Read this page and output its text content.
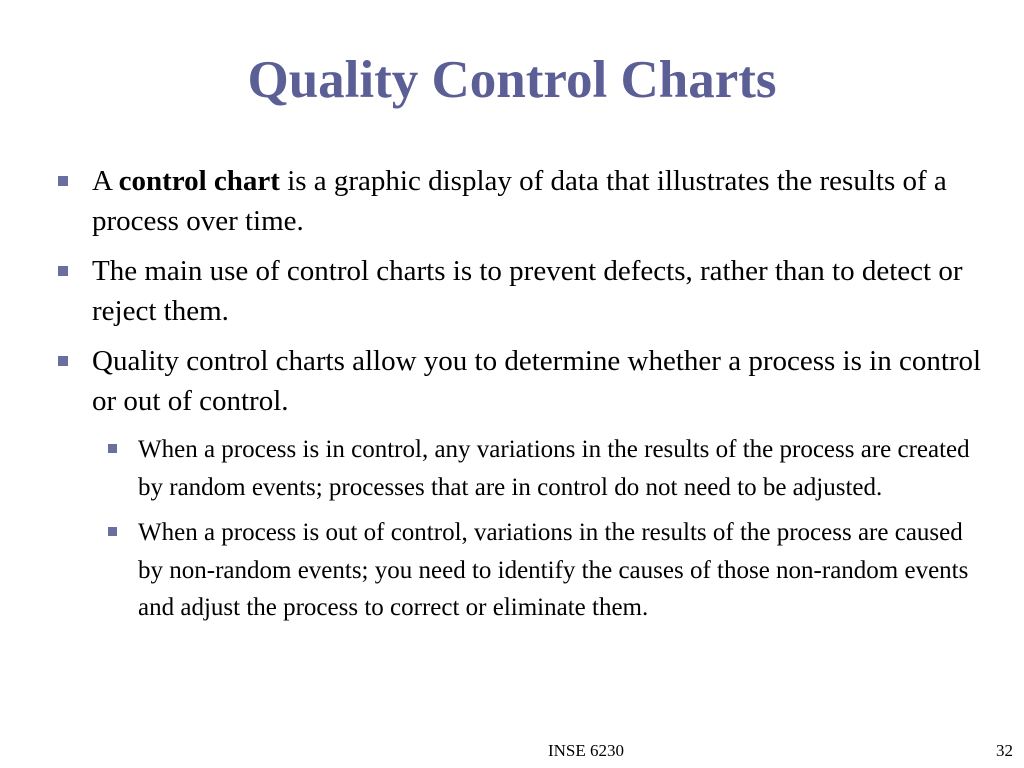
Quality Control Charts
A control chart is a graphic display of data that illustrates the results of a process over time.
The main use of control charts is to prevent defects, rather than to detect or reject them.
Quality control charts allow you to determine whether a process is in control or out of control.
When a process is in control, any variations in the results of the process are created by random events; processes that are in control do not need to be adjusted.
When a process is out of control, variations in the results of the process are caused by non-random events; you need to identify the causes of those non-random events and adjust the process to correct or eliminate them.
INSE 6230	32
